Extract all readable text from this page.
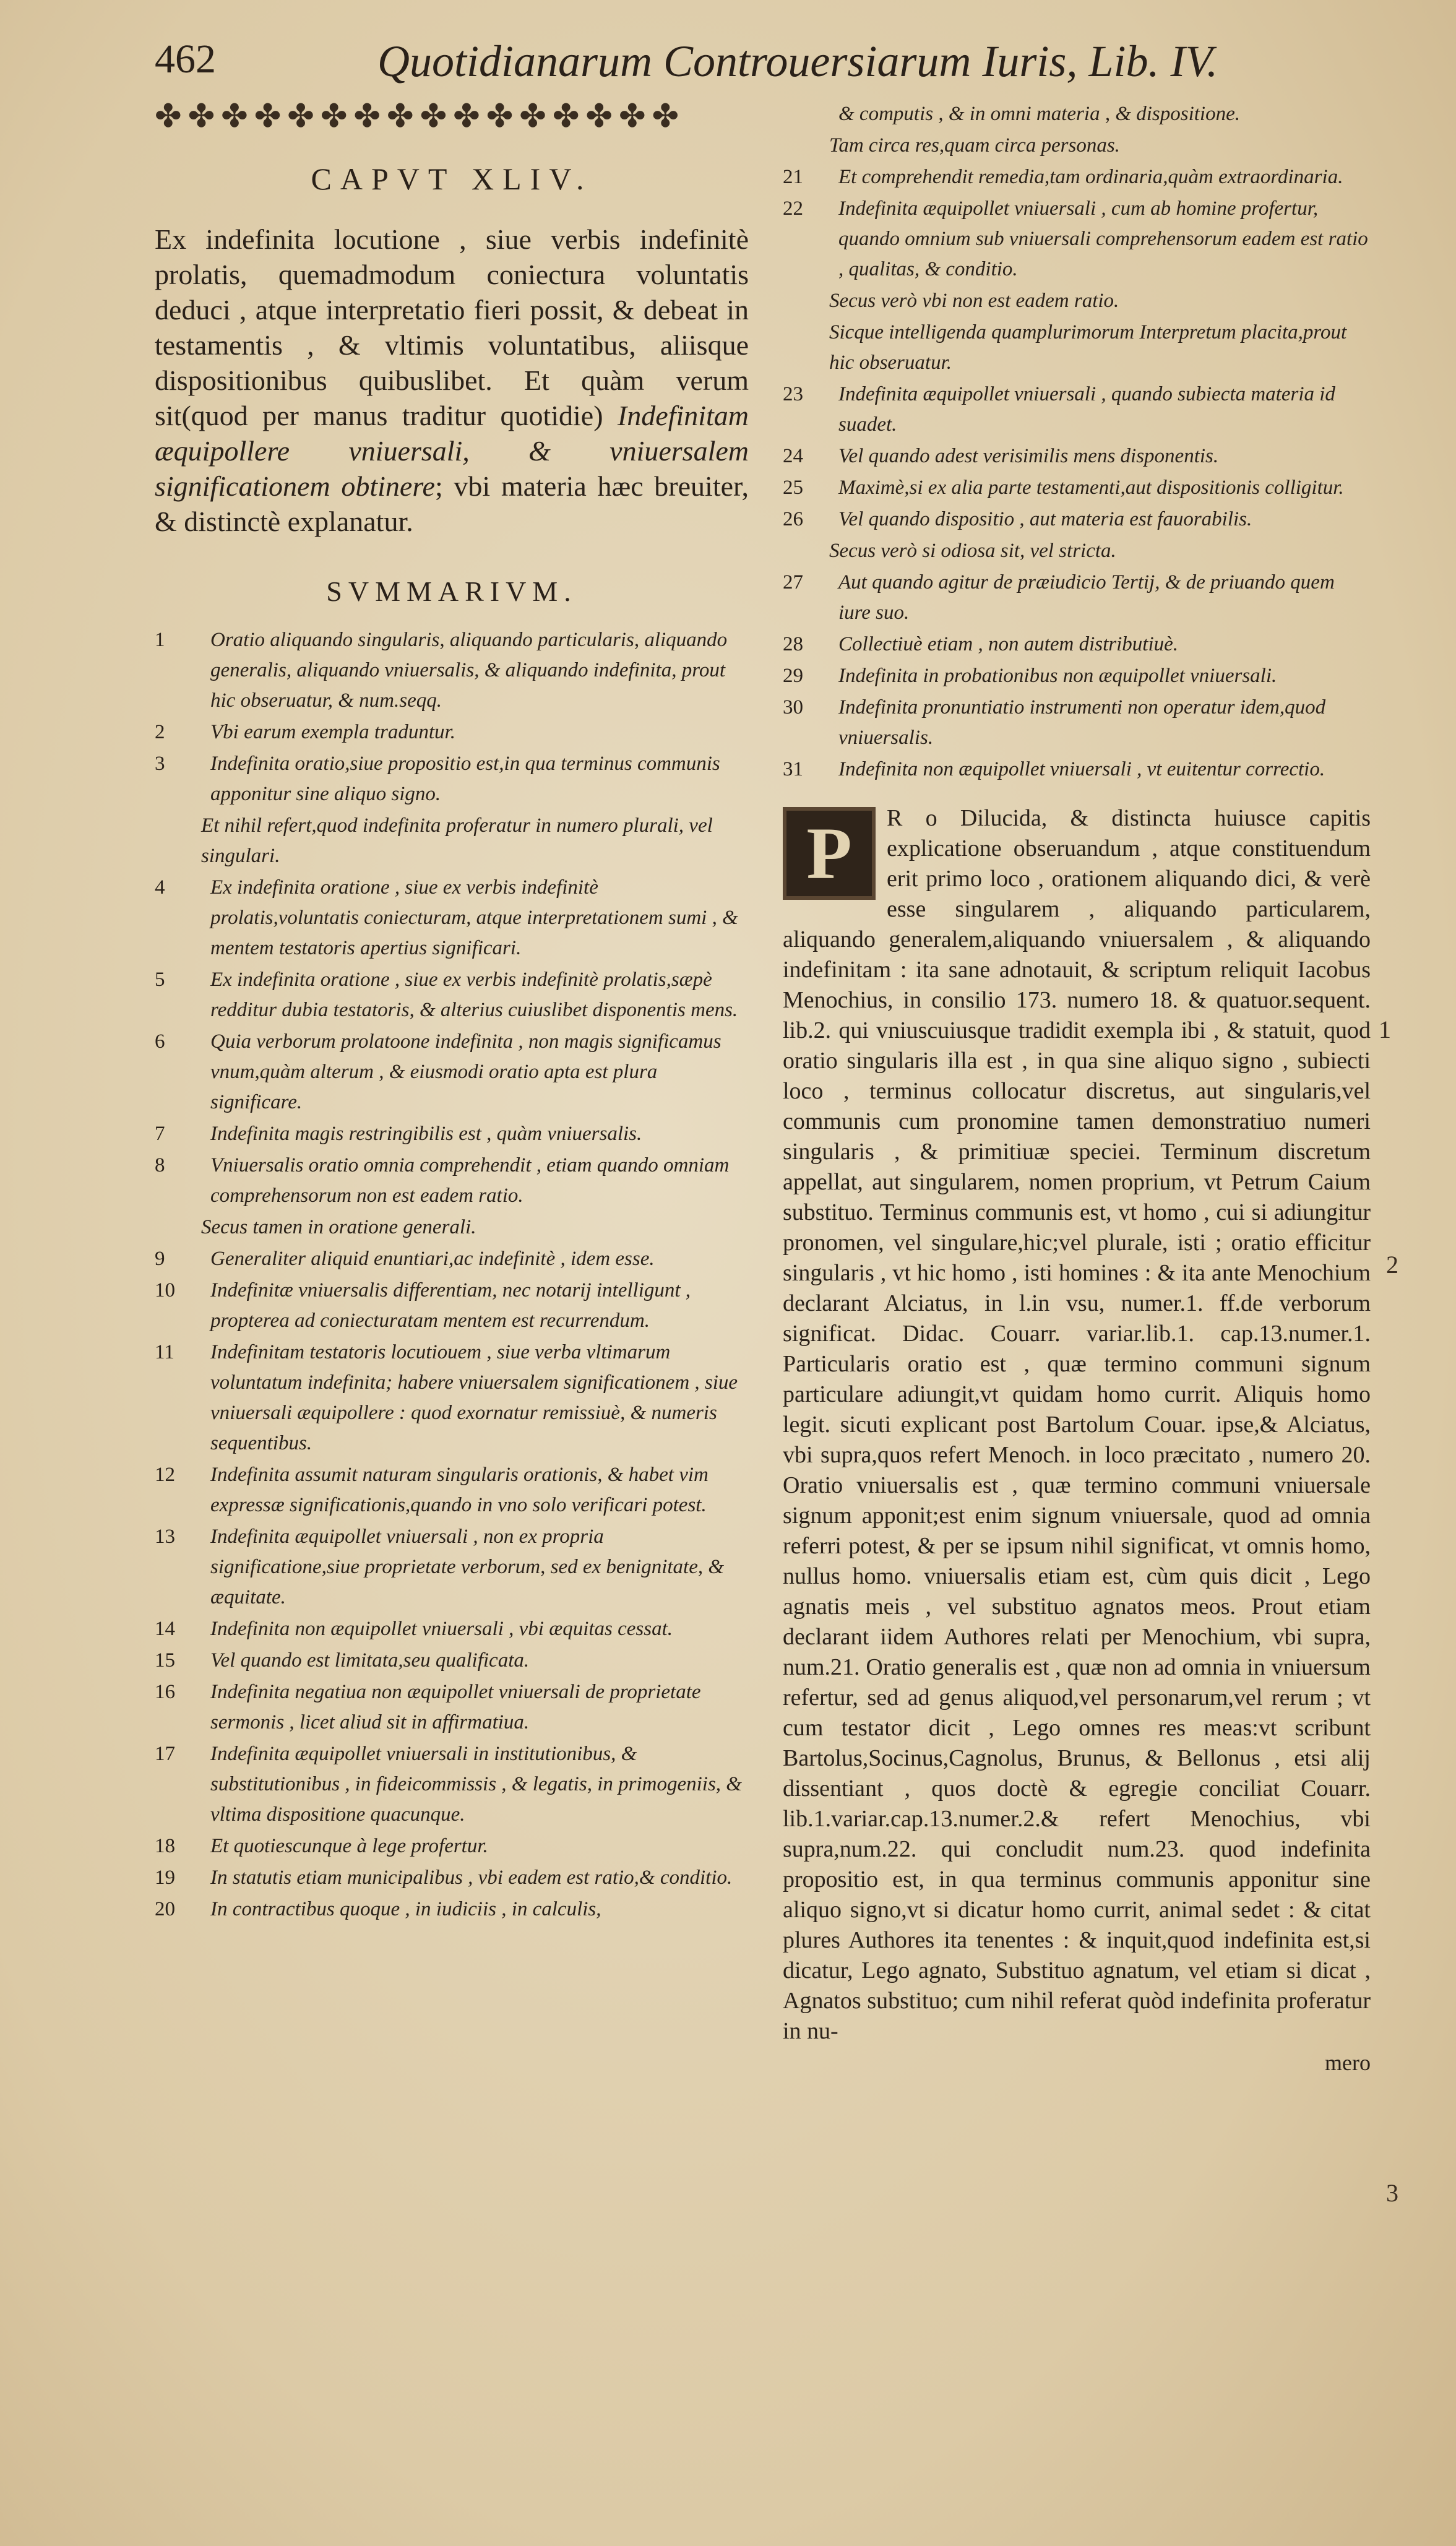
462	Quotidianarum Controuersiarum Iuris, Lib. IV.
✤✤✤✤✤✤✤✤✤✤✤✤✤✤✤✤
CAPVT XLIV.
Ex indefinita locutione , siue verbis indefinitè prolatis, quemadmodum coniectura voluntatis deduci , atque interpretatio fieri possit, & debeat in testamentis , & vltimis voluntatibus, aliisque dispositionibus quibuslibet. Et quàm verum sit(quod per manus traditur quotidie) Indefinitam æquipollere vniuersali, & vniuersalem significationem obtinere; vbi materia hæc breuiter, & distinctè explanatur.
SVMMARIVM.
1	Oratio aliquando singularis, aliquando particularis, aliquando generalis, aliquando vniuersalis, & aliquando indefinita, prout hic obseruatur, & num.seqq.
2	Vbi earum exempla traduntur.
3	Indefinita oratio,siue propositio est,in qua terminus communis apponitur sine aliquo signo.
Et nihil refert,quod indefinita proferatur in numero plurali, vel singulari.
4	Ex indefinita oratione , siue ex verbis indefinitè prolatis,voluntatis coniecturam, atque interpretationem sumi , & mentem testatoris apertius significari.
5	Ex indefinita oratione , siue ex verbis indefinitè prolatis,sæpè redditur dubia testatoris, & alterius cuiuslibet disponentis mens.
6	Quia verborum prolatoone indefinita , non magis significamus vnum,quàm alterum , & eiusmodi oratio apta est plura significare.
7	Indefinita magis restringibilis est , quàm vniuersalis.
8	Vniuersalis oratio omnia comprehendit , etiam quando omniam comprehensorum non est eadem ratio.
Secus tamen in oratione generali.
9	Generaliter aliquid enuntiari,ac indefinitè , idem esse.
10	Indefinitæ vniuersalis differentiam, nec notarij intelligunt , propterea ad coniecturatam mentem est recurrendum.
11	Indefinitam testatoris locutiouem , siue verba vltimarum voluntatum indefinita; habere vniuersalem significationem , siue vniuersali æquipollere : quod exornatur remissiuè, & numeris sequentibus.
12	Indefinita assumit naturam singularis orationis, & habet vim expressæ significationis,quando in vno solo verificari potest.
13	Indefinita æquipollet vniuersali , non ex propria significatione,siue proprietate verborum, sed ex benignitate, & æquitate.
14	Indefinita non æquipollet vniuersali , vbi æquitas cessat.
15	Vel quando est limitata,seu qualificata.
16	Indefinita negatiua non æquipollet vniuersali de proprietate sermonis , licet aliud sit in affirmatiua.
17	Indefinita æquipollet vniuersali in institutionibus, & substitutionibus , in fideicommissis , & legatis, in primogeniis, & vltima dispositione quacunque.
18	Et quotiescunque à lege profertur.
19	In statutis etiam municipalibus , vbi eadem est ratio,& conditio.
20	In contractibus quoque , in iudiciis , in calculis,
& computis , & in omni materia , & dispositione.
Tam circa res,quam circa personas.
21	Et comprehendit remedia,tam ordinaria,quàm extraordinaria.
22	Indefinita æquipollet vniuersali , cum ab homine profertur, quando omnium sub vniuersali comprehensorum eadem est ratio , qualitas, & conditio.
Secus verò vbi non est eadem ratio.
Sicque intelligenda quamplurimorum Interpretum placita,prout hic obseruatur.
23	Indefinita æquipollet vniuersali , quando subiecta materia id suadet.
24	Vel quando adest verisimilis mens disponentis.
25	Maximè,si ex alia parte testamenti,aut dispositionis colligitur.
26	Vel quando dispositio , aut materia est fauorabilis.
Secus verò si odiosa sit, vel stricta.
27	Aut quando agitur de præiudicio Tertij, & de priuando quem iure suo.
28	Collectiuè etiam , non autem distributiuè.
29	Indefinita in probationibus non æquipollet vniuersali.
30	Indefinita pronuntiatio instrumenti non operatur idem,quod vniuersalis.
31	Indefinita non æquipollet vniuersali , vt euitentur correctio.
P	R o Dilucida, & distincta huiusce capitis explicatione obseruandum , atque constituendum erit primo loco , orationem aliquando dici, & verè esse singularem , aliquando particularem, aliquando generalem,aliquando vniuersalem , & aliquando indefinitam : ita sane adnotauit, & scriptum reliquit Iacobus Menochius, in consilio 173. numero 18. & quatuor.sequent. lib.2. qui vniuscuiusque tradidit exempla ibi , & statuit, quod oratio singularis illa est , in qua sine aliquo signo , subiecti loco , terminus collocatur discretus, aut singularis,vel communis cum pronomine tamen demonstratiuo numeri singularis , & primitiuæ speciei. Terminum discretum appellat, aut singularem, nomen proprium, vt Petrum Caium substituo. Terminus communis est, vt homo , cui si adiungitur pronomen, vel singulare,hic;vel plurale, isti ; oratio efficitur singularis , vt hic homo , isti homines : & ita ante Menochium declarant Alciatus, in l.in vsu, numer.1. ff.de verborum significat. Didac. Couarr. variar.lib.1. cap.13.numer.1. Particularis oratio est , quæ termino communi signum particulare adiungit,vt quidam homo currit. Aliquis homo legit. sicuti explicant post Bartolum Couar. ipse,& Alciatus, vbi supra,quos refert Menoch. in loco præcitato , numero 20. Oratio vniuersalis est , quæ termino communi vniuersale signum apponit;est enim signum vniuersale, quod ad omnia referri potest, & per se ipsum nihil significat, vt omnis homo, nullus homo. vniuersalis etiam est, cùm quis dicit , Lego agnatis meis , vel substituo agnatos meos. Prout etiam declarant iidem Authores relati per Menochium, vbi supra, num.21. Oratio generalis est , quæ non ad omnia in vniuersum refertur, sed ad genus aliquod,vel personarum,vel rerum ; vt cum testator dicit , Lego omnes res meas:vt scribunt Bartolus,Socinus,Cagnolus, Brunus, & Bellonus , etsi alij dissentiant , quos doctè & egregie conciliat Couarr. lib.1.variar.cap.13.numer.2.& refert Menochius, vbi supra,num.22. qui concludit num.23. quod indefinita propositio est, in qua terminus communis apponitur sine aliquo signo,vt si dicatur homo currit, animal sedet : & citat plures Authores ita tenentes : & inquit,quod indefinita est,si dicatur, Lego agnato, Substituo agnatum, vel etiam si dicat , Agnatos substituo; cum nihil referat quòd indefinita proferatur in nu-
mero
1
2
3
